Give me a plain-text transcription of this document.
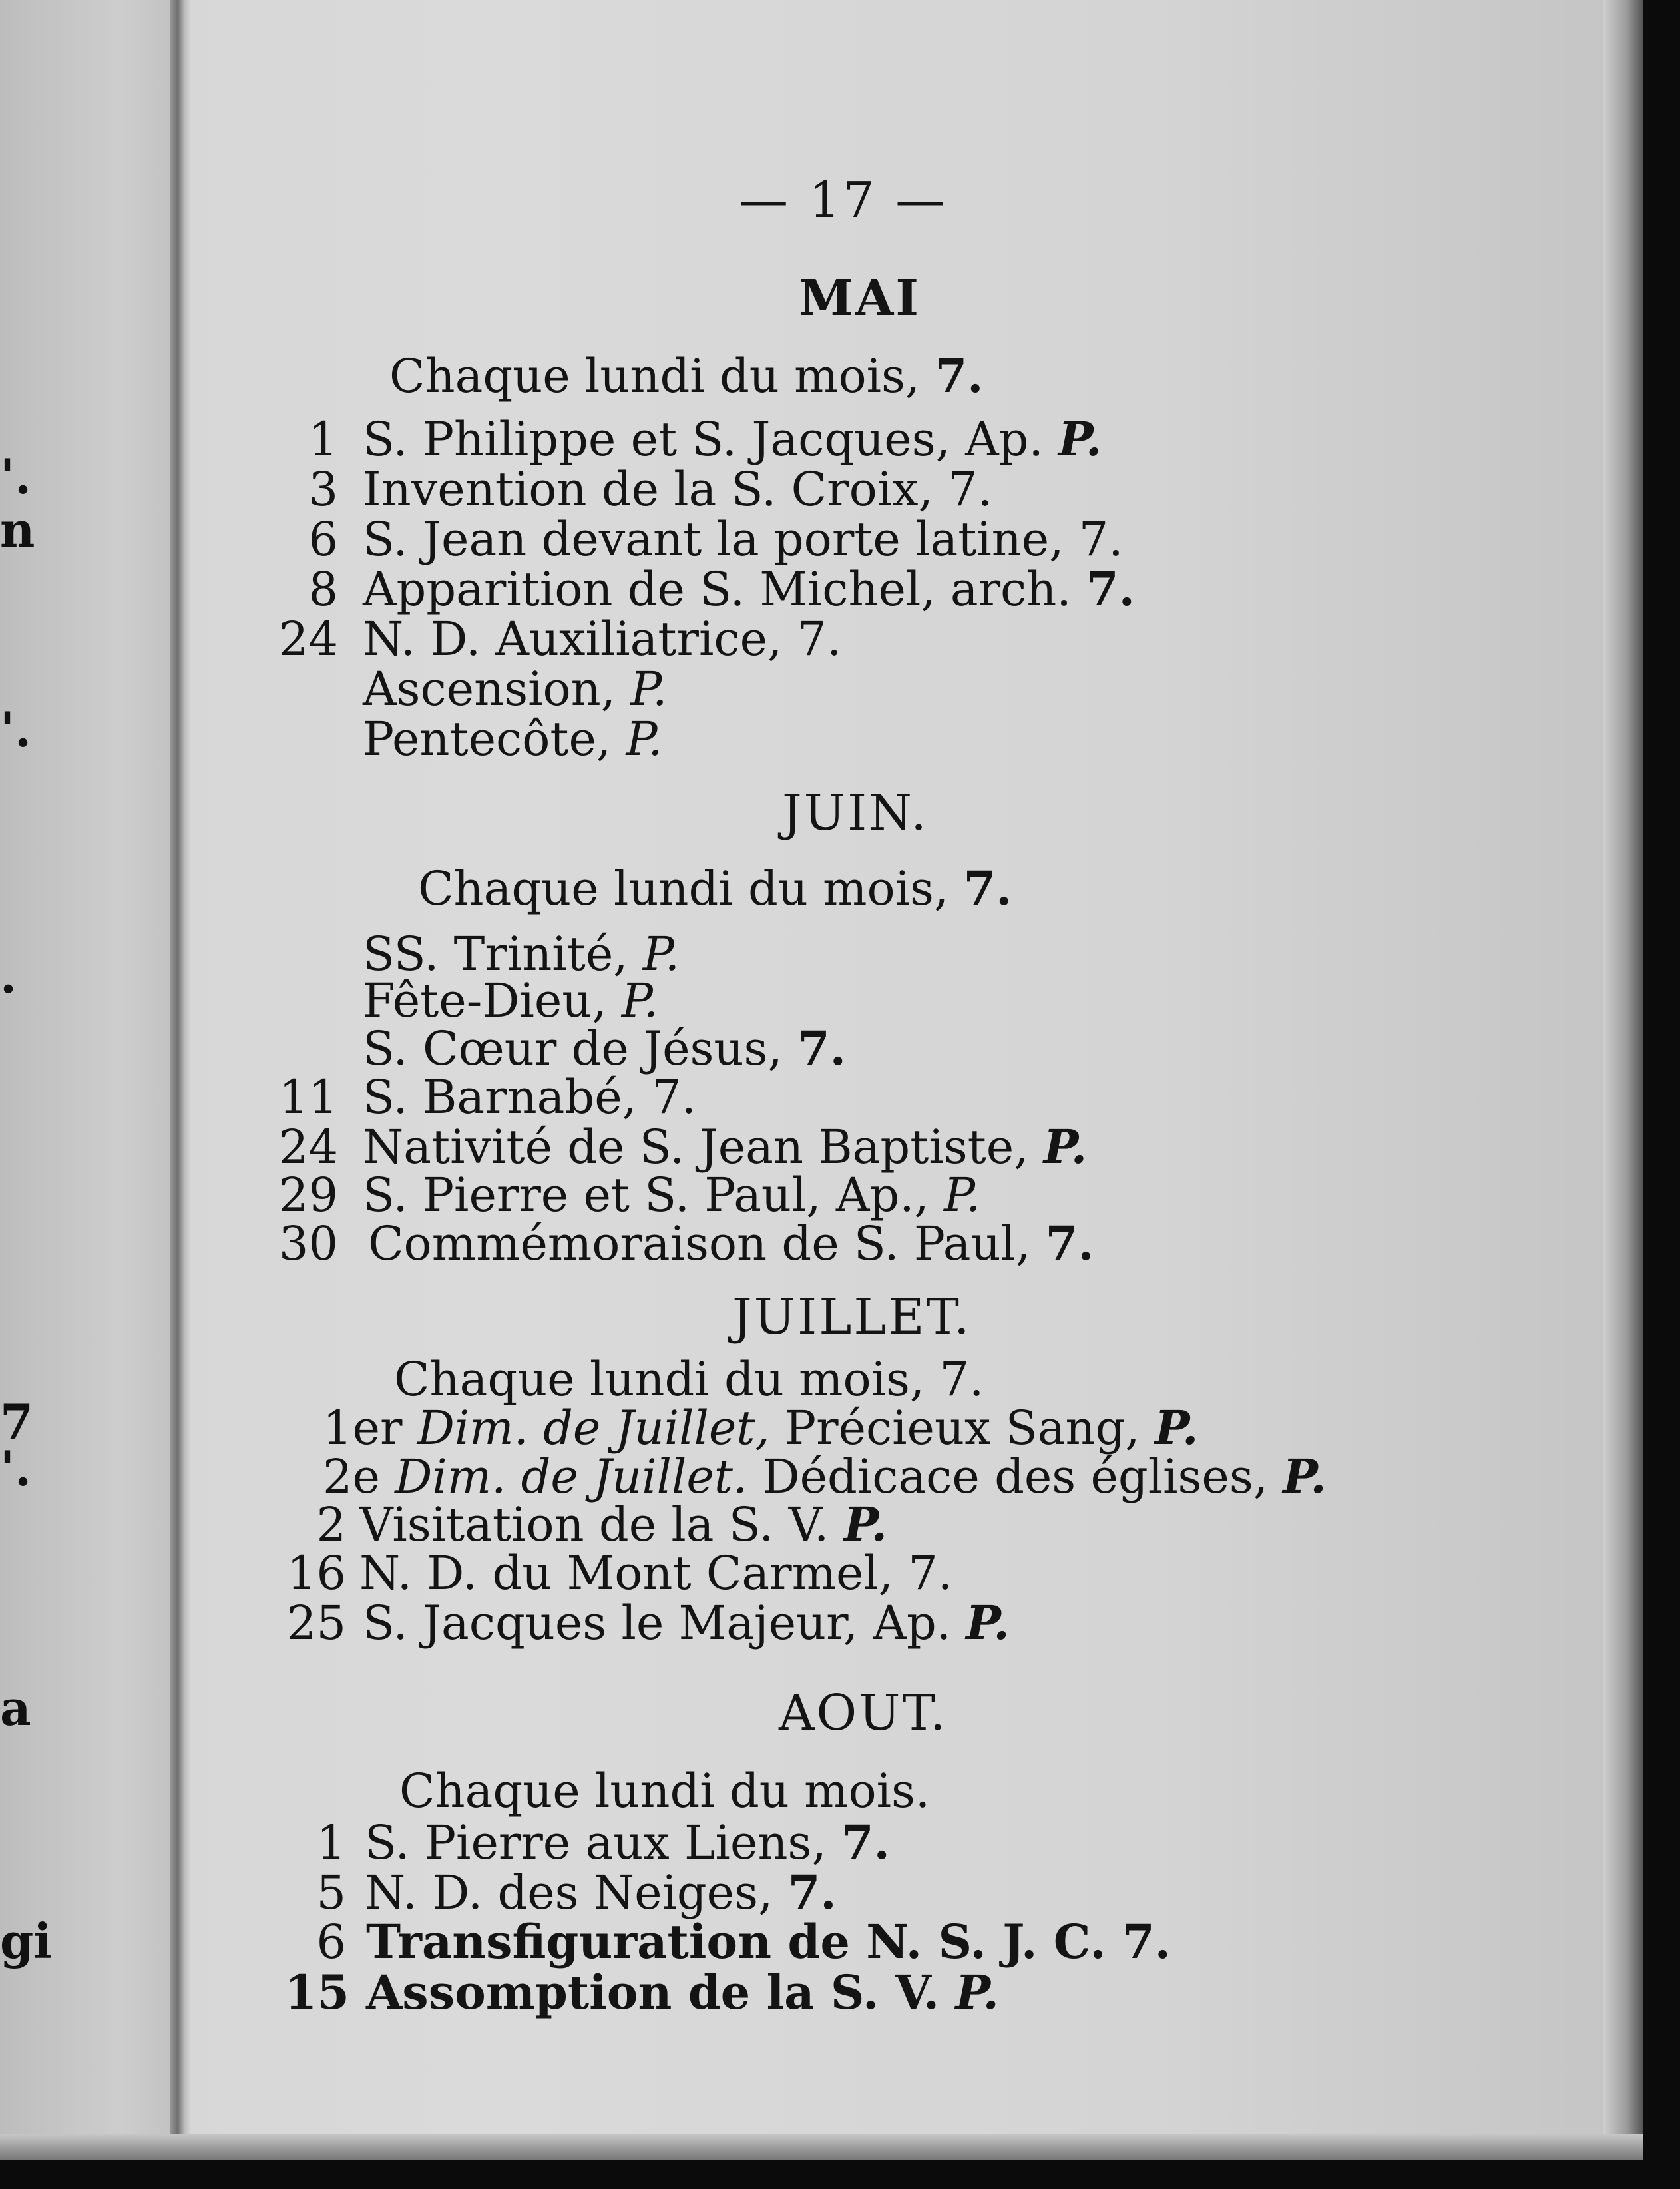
'.
n
'.
.
7
'.
a
gi
— 17 —
MAI
Chaque lundi du mois, 7.
1 S. Philippe et S. Jacques, Ap. P.
3 Invention de la S. Croix, 7.
6 S. Jean devant la porte latine, 7.
8 Apparition de S. Michel, arch. 7.
24 N. D. Auxiliatrice, 7.
Ascension, P.
Pentecôte, P.
JUIN.
Chaque lundi du mois, 7.
SS. Trinité, P.
Fête-Dieu, P.
S. Cœur de Jésus, 7.
11 S. Barnabé, 7.
24 Nativité de S. Jean Baptiste, P.
29 S. Pierre et S. Paul, Ap., P.
30 Commémoraison de S. Paul, 7.
JUILLET.
Chaque lundi du mois, 7.
1er Dim. de Juillet, Précieux Sang, P.
2e Dim. de Juillet. Dédicace des églises, P.
2 Visitation de la S. V. P.
16 N. D. du Mont Carmel, 7.
25 S. Jacques le Majeur, Ap. P.
AOUT.
Chaque lundi du mois.
1 S. Pierre aux Liens, 7.
5 N. D. des Neiges, 7.
6 Transfiguration de N. S. J. C. 7.
15 Assomption de la S. V. P.
